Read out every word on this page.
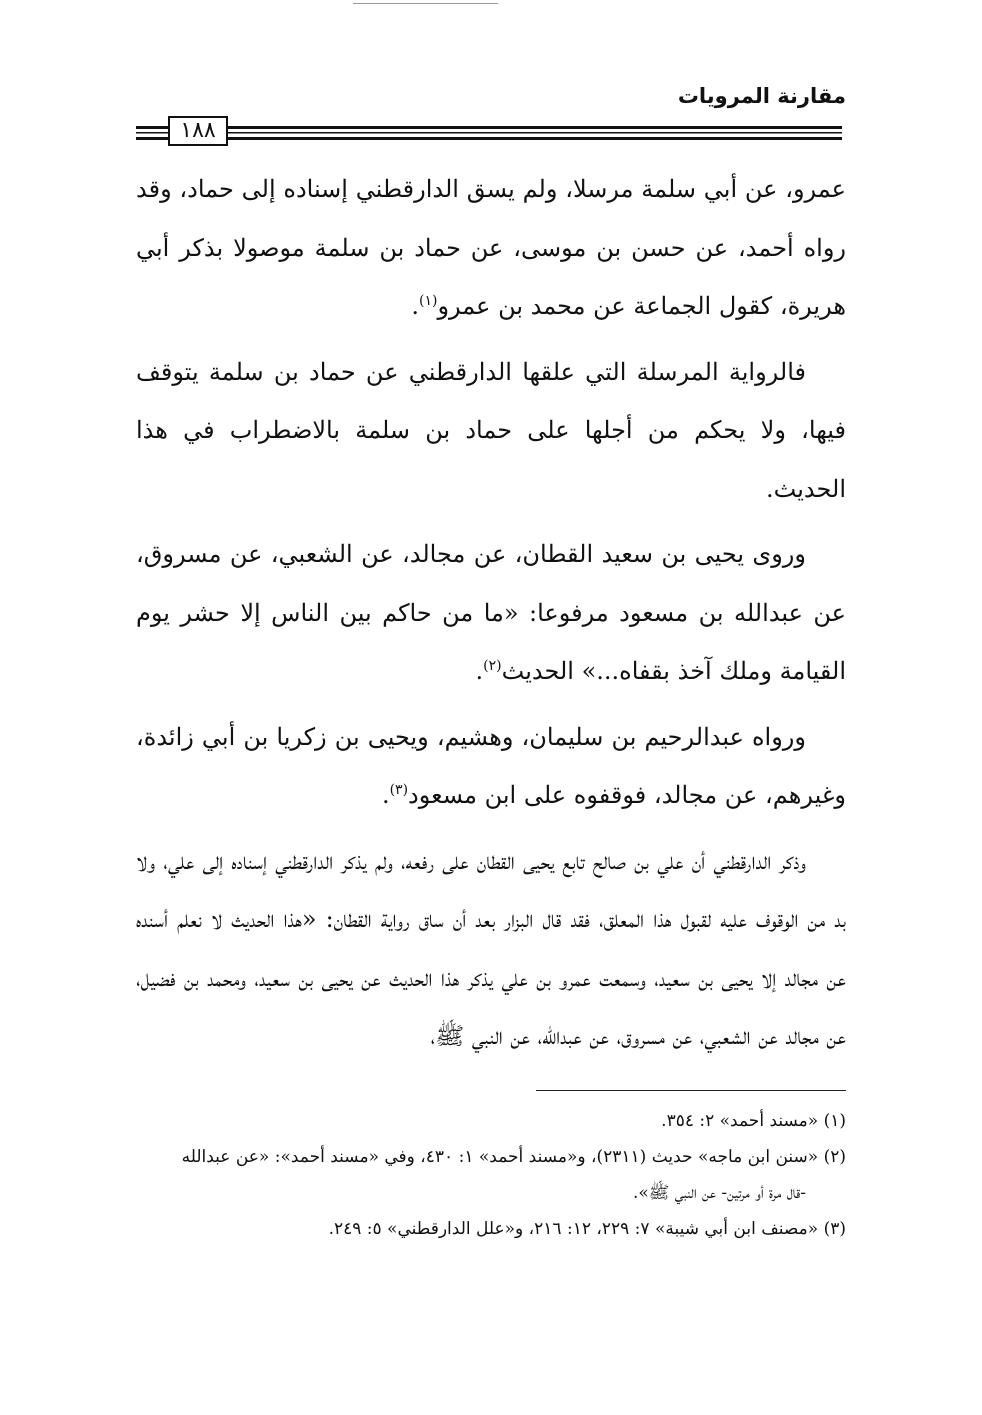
مقارنة المرويات
١٨٨

عمرو، عن أبي سلمة مرسلا، ولم يسق الدارقطني إسناده إلى حماد، وقد رواه أحمد، عن حسن بن موسى، عن حماد بن سلمة موصولا بذكر أبي هريرة، كقول الجماعة عن محمد بن عمرو$^{(١)}$.

فالرواية المرسلة التي علقها الدارقطني عن حماد بن سلمة يتوقف فيها، ولا يحكم من أجلها على حماد بن سلمة بالاضطراب في هذا الحديث.

وروى يحيى بن سعيد القطان، عن مجالد، عن الشعبي، عن مسروق، عن عبدالله بن مسعود مرفوعا: «ما من حاكم بين الناس إلا حشر يوم القيامة وملك آخذ بقفاه...» الحديث$^{(٢)}$.

ورواه عبدالرحيم بن سليمان، وهشيم، ويحيى بن زكريا بن أبي زائدة، وغيرهم، عن مجالد، فوقفوه على ابن مسعود$^{(٣)}$.

وذكر الدارقطني أن علي بن صالح تابع يحيى القطان على رفعه، ولم يذكر الدارقطني إسناده إلى علي، ولا بد من الوقوف عليه لقبول هذا المعلق، فقد قال البزار بعد أن ساق رواية القطان: «هذا الحديث لا نعلم أسنده عن مجالد إلا يحيى بن سعيد، وسمعت عمرو بن علي يذكر هذا الحديث عن يحيى بن سعيد، ومحمد بن فضيل، عن مجالد عن الشعبي، عن مسروق، عن عبدالله، عن النبي ﷺ،

(١) «مسند أحمد» ٢: ٣٥٤.

(٢) «سنن ابن ماجه» حديث (٢٣١١)، و«مسند أحمد» ١: ٤٣٠، وفي «مسند أحمد»: «عن عبدالله

-قال مرة أو مرتين- عن النبي ﷺ».

(٣) «مصنف ابن أبي شيبة» ٧: ٢٢٩، ١٢: ٢١٦، و«علل الدارقطني» ٥: ٢٤٩.
